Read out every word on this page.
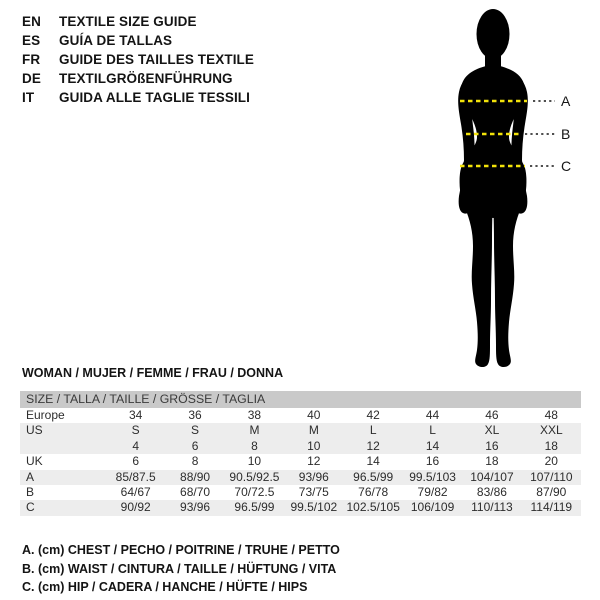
EN	TEXTILE SIZE GUIDE
ES	GUÍA DE TALLAS
FR	GUIDE DES TAILLES TEXTILE
DE	TEXTILGRÖßENFÜHRUNG
IT	GUIDA ALLE TAGLIE TESSILI	A
B
C
WOMAN / MUJER / FEMME / FRAU / DONNA
SIZE / TALLA / TAILLE / GRÖSSE / TAGLIA
Europe	34	36	38	40	42	44	46	48
US	S	S	M	M	L	L	XL	XXL
4	6	8	10	12	14	16	18
UK	6	8	10	12	14	16	18	20
A	85/87.5	88/90	90.5/92.5	93/96	96.5/99	99.5/103	104/107	107/110
B	64/67	68/70	70/72.5	73/75	76/78	79/82	83/86	87/90
C	90/92	93/96	96.5/99	99.5/102 102.5/105 106/109	110/113	114/119
A. (cm) CHEST / PECHO / POITRINE / TRUHE / PETTO
B. (cm) WAIST / CINTURA / TAILLE / HÜFTUNG / VITA
C. (cm) HIP / CADERA / HANCHE / HÜFTE / HIPS
